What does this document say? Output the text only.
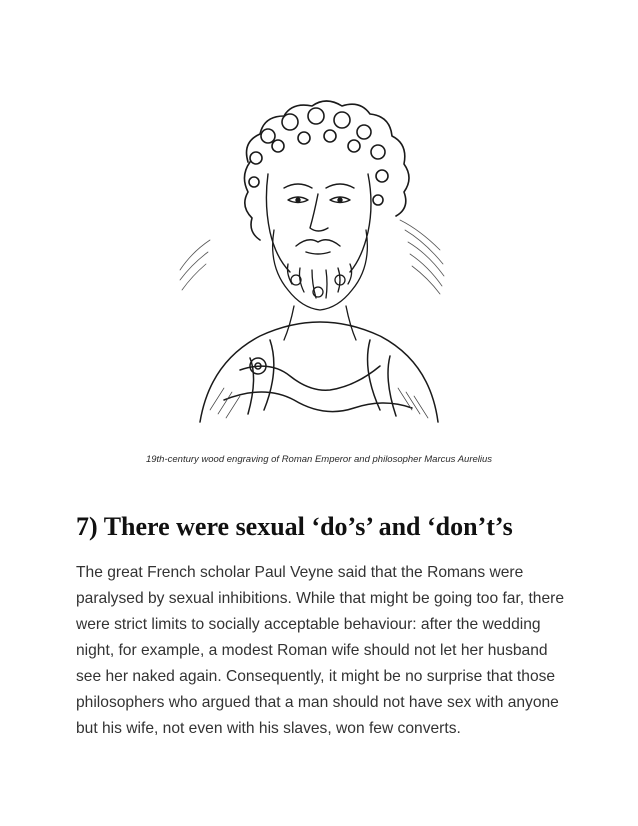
19th-century wood engraving of Roman Emperor and philosopher Marcus Aurelius
7) There were sexual ‘do’s’ and ‘don’t’s

The great French scholar Paul Veyne said that the Romans were
paralysed by sexual inhibitions. While that might be going too far, there
were strict limits to socially acceptable behaviour: after the wedding
night, for example, a modest Roman wife should not let her husband
see her naked again. Consequently, it might be no surprise that those
philosophers who argued that a man should not have sex with anyone
but his wife, not even with his slaves, won few converts.
